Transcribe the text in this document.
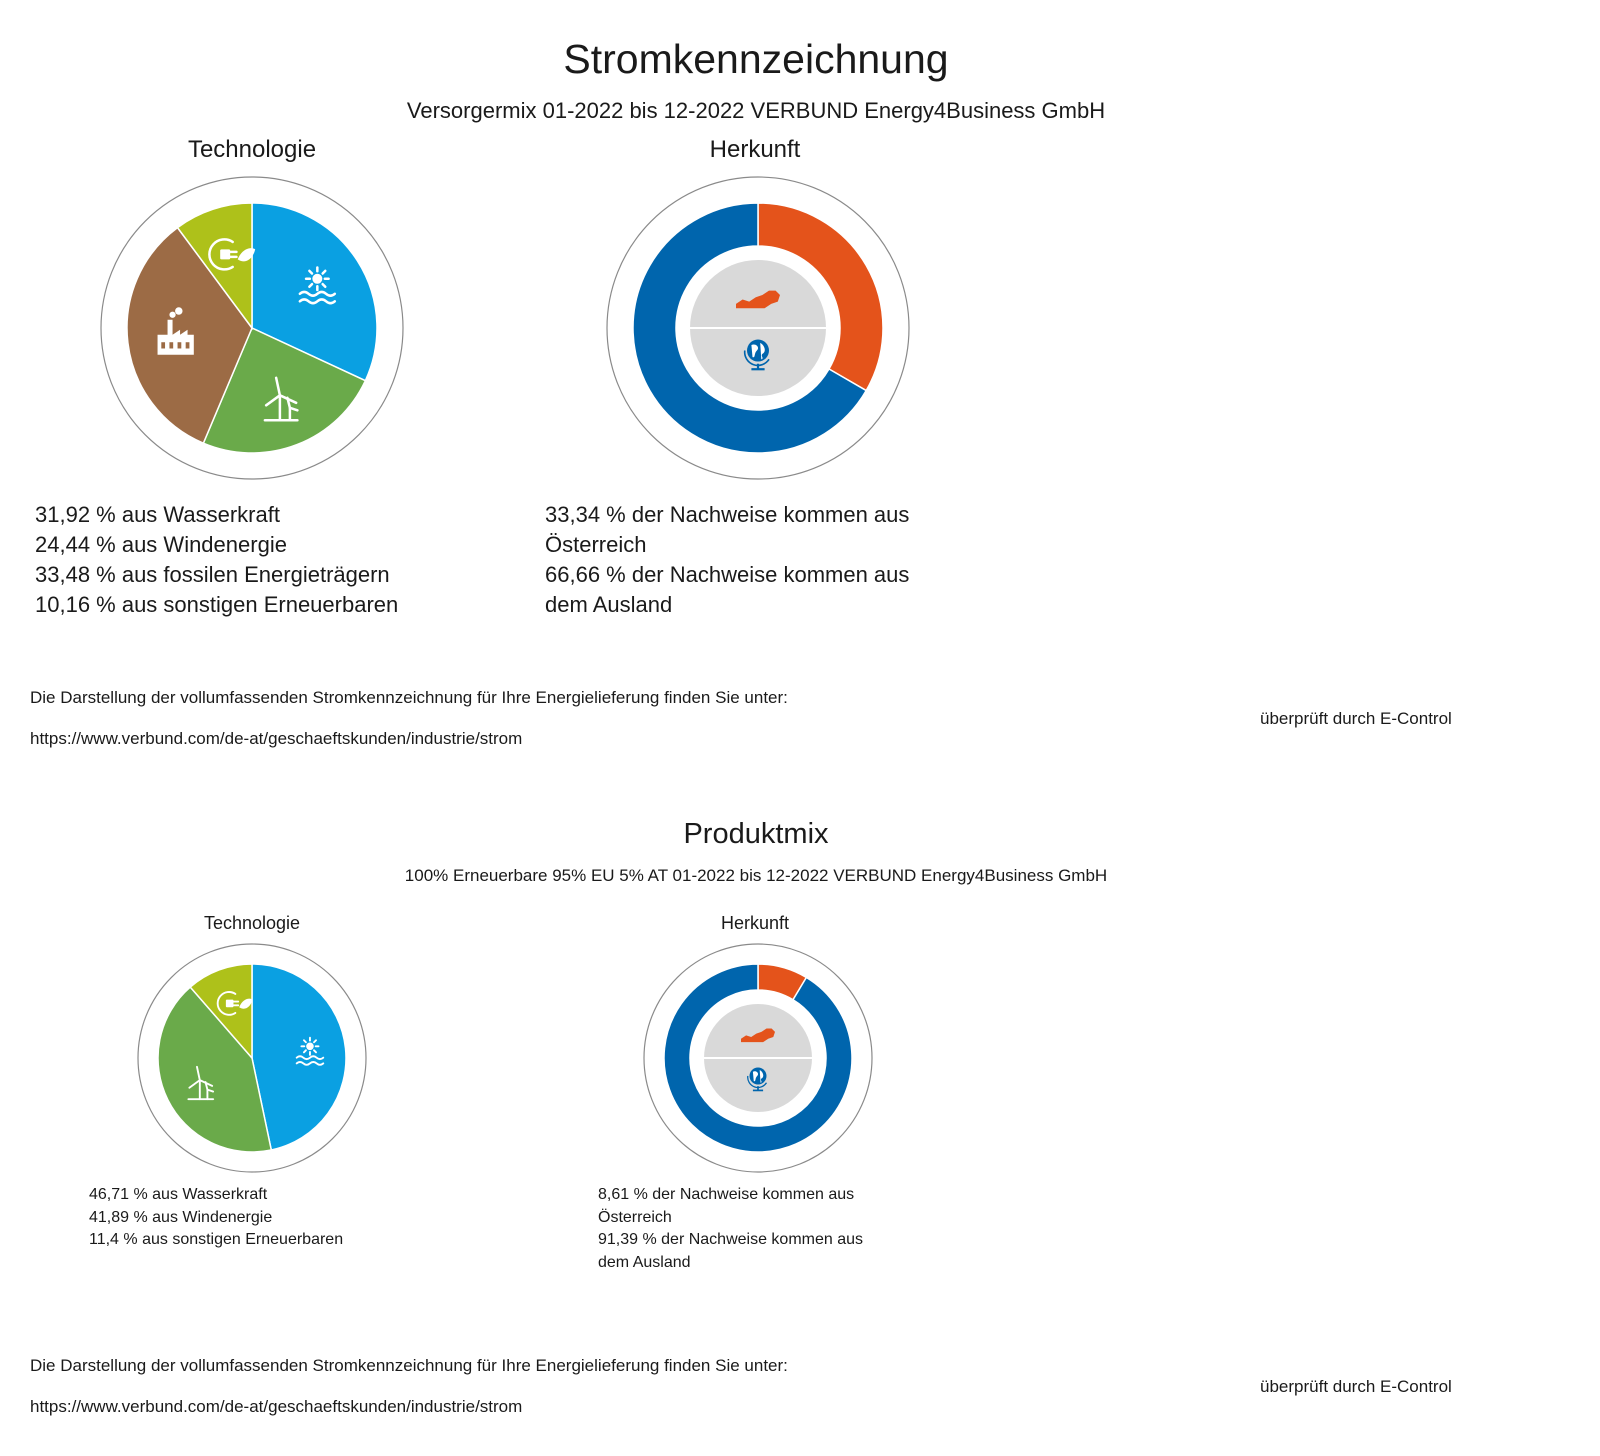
Stromkennzeichnung
Versorgermix 01-2022 bis 12-2022 VERBUND Energy4Business GmbH
Technologie	Herkunft
31,92 % aus Wasserkraft
24,44 % aus Windenergie
33,48 % aus fossilen Energieträgern
10,16 % aus sonstigen Erneuerbaren
33,34 % der Nachweise kommen aus
Österreich
66,66 % der Nachweise kommen aus
dem Ausland
Die Darstellung der vollumfassenden Stromkennzeichnung für Ihre Energielieferung finden Sie unter:
https://www.verbund.com/de-at/geschaeftskunden/industrie/strom
überprüft durch E-Control
Produktmix
100% Erneuerbare 95% EU 5% AT 01-2022 bis 12-2022 VERBUND Energy4Business GmbH
Technologie	Herkunft
46,71 % aus Wasserkraft
41,89 % aus Windenergie
11,4 % aus sonstigen Erneuerbaren
8,61 % der Nachweise kommen aus
Österreich
91,39 % der Nachweise kommen aus
dem Ausland
Die Darstellung der vollumfassenden Stromkennzeichnung für Ihre Energielieferung finden Sie unter:
https://www.verbund.com/de-at/geschaeftskunden/industrie/strom
überprüft durch E-Control
